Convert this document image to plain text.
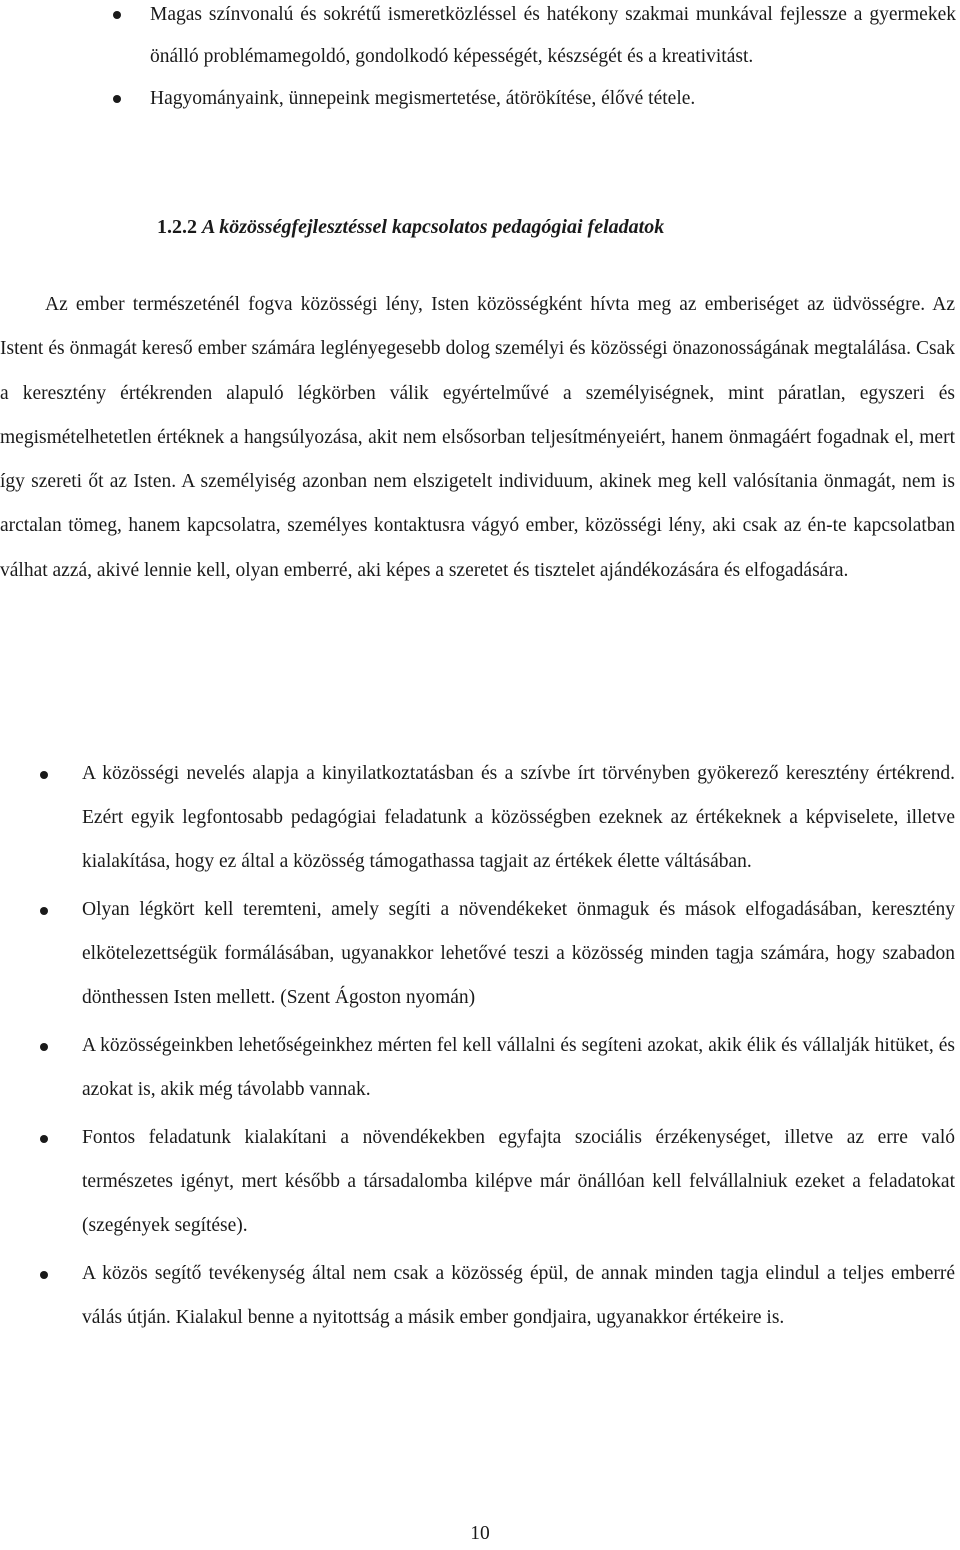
Magas színvonalú és sokrétű ismeretközléssel és hatékony szakmai munkával fejlessze a gyermekek önálló problémamegoldó, gondolkodó képességét, készségét és a kreativitást.
Hagyományaink, ünnepeink megismertetése, átörökítése, élővé tétele.
1.2.2 A közösségfejlesztéssel kapcsolatos pedagógiai feladatok

Az ember természeténél fogva közösségi lény, Isten közösségként hívta meg az emberiséget az üdvösségre. Az Istent és önmagát kereső ember számára leglényegesebb dolog személyi és közösségi önazonosságának megtalálása. Csak a keresztény értékrenden alapuló légkörben válik egyértelművé a személyiségnek, mint páratlan, egyszeri és megismételhetetlen értéknek a hangsúlyozása, akit nem elsősorban teljesítményeiért, hanem önmagáért fogadnak el, mert így szereti őt az Isten. A személyiség azonban nem elszigetelt individuum, akinek meg kell valósítania önmagát, nem is arctalan tömeg, hanem kapcsolatra, személyes kontaktusra vágyó ember, közösségi lény, aki csak az én-te kapcsolatban válhat azzá, akivé lennie kell, olyan emberré, aki képes a szeretet és tisztelet ajándékozására és elfogadására.

A közösségi nevelés alapja a kinyilatkoztatásban és a szívbe írt törvényben gyökerező keresztény értékrend. Ezért egyik legfontosabb pedagógiai feladatunk a közösségben ezeknek az értékeknek a képviselete, illetve kialakítása, hogy ez által a közösség támogathassa tagjait az értékek élette váltásában.
Olyan légkört kell teremteni, amely segíti a növendékeket önmaguk és mások elfogadásában, keresztény elkötelezettségük formálásában, ugyanakkor lehetővé teszi a közösség minden tagja számára, hogy szabadon dönthessen Isten mellett. (Szent Ágoston nyomán)
A közösségeinkben lehetőségeinkhez mérten fel kell vállalni és segíteni azokat, akik élik és vállalják hitüket, és azokat is, akik még távolabb vannak.
Fontos feladatunk kialakítani a növendékekben egyfajta szociális érzékenységet, illetve az erre való természetes igényt, mert később a társadalomba kilépve már önállóan kell felvállalniuk ezeket a feladatokat (szegények segítése).
A közös segítő tevékenység által nem csak a közösség épül, de annak minden tagja elindul a teljes emberré válás útján. Kialakul benne a nyitottság a másik ember gondjaira, ugyanakkor értékeire is.

10
